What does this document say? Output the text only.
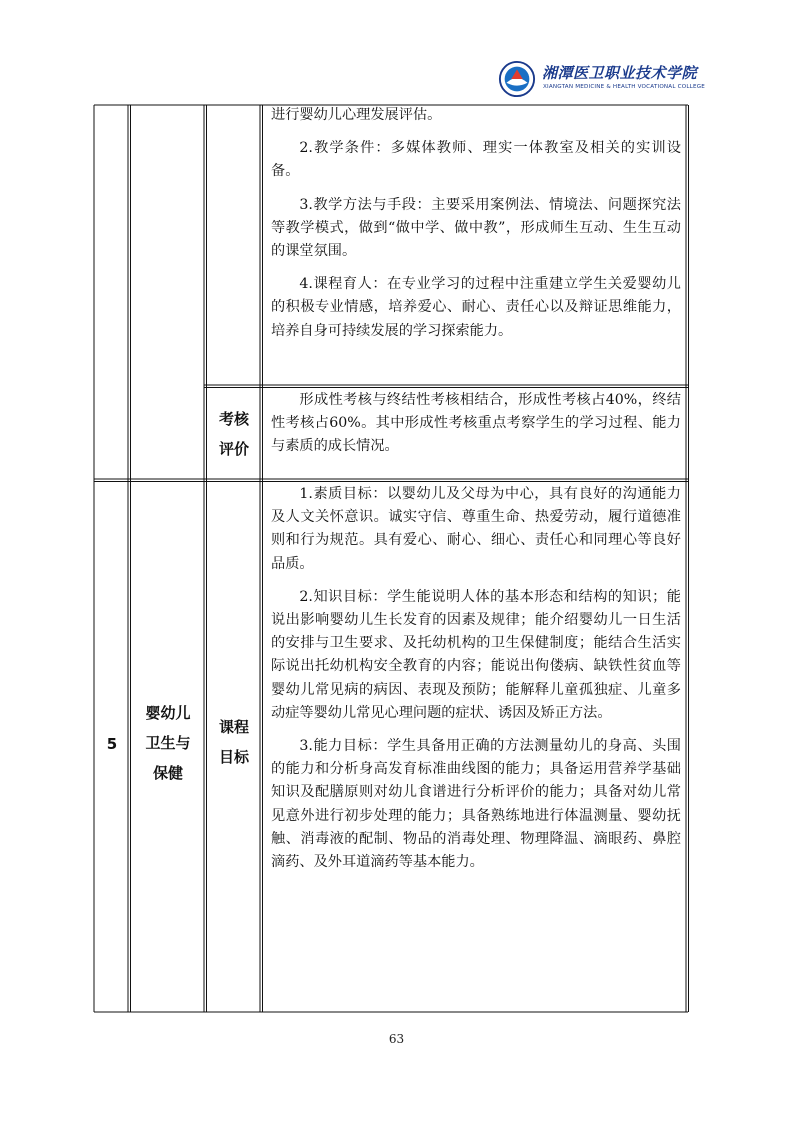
湘潭医卫职业技术学院
XIANGTAN MEDICINE & HEALTH VOCATIONAL COLLEGE

进行婴幼儿心理发展评估。

2.教学条件：多媒体教师、理实一体教室及相关的实训设备。

3.教学方法与手段：主要采用案例法、情境法、问题探究法等教学模式，做到“做中学、做中教”，形成师生互动、生生互动的课堂氛围。

4.课程育人：在专业学习的过程中注重建立学生关爱婴幼儿的积极专业情感，培养爱心、耐心、责任心以及辩证思维能力，培养自身可持续发展的学习探索能力。

考核
评价

形成性考核与终结性考核相结合，形成性考核占40%，终结性考核占60%。其中形成性考核重点考察学生的学习过程、能力与素质的成长情况。

5
婴幼儿
卫生与
保健
课程
目标

1.素质目标：以婴幼儿及父母为中心，具有良好的沟通能力及人文关怀意识。诚实守信、尊重生命、热爱劳动，履行道德准则和行为规范。具有爱心、耐心、细心、责任心和同理心等良好品质。

2.知识目标：学生能说明人体的基本形态和结构的知识；能说出影响婴幼儿生长发育的因素及规律；能介绍婴幼儿一日生活的安排与卫生要求、及托幼机构的卫生保健制度；能结合生活实际说出托幼机构安全教育的内容；能说出佝偻病、缺铁性贫血等婴幼儿常见病的病因、表现及预防；能解释儿童孤独症、儿童多动症等婴幼儿常见心理问题的症状、诱因及矫正方法。

3.能力目标：学生具备用正确的方法测量幼儿的身高、头围的能力和分析身高发育标准曲线图的能力；具备运用营养学基础知识及配膳原则对幼儿食谱进行分析评价的能力；具备对幼儿常见意外进行初步处理的能力；具备熟练地进行体温测量、婴幼抚触、消毒液的配制、物品的消毒处理、物理降温、滴眼药、鼻腔滴药、及外耳道滴药等基本能力。

63
